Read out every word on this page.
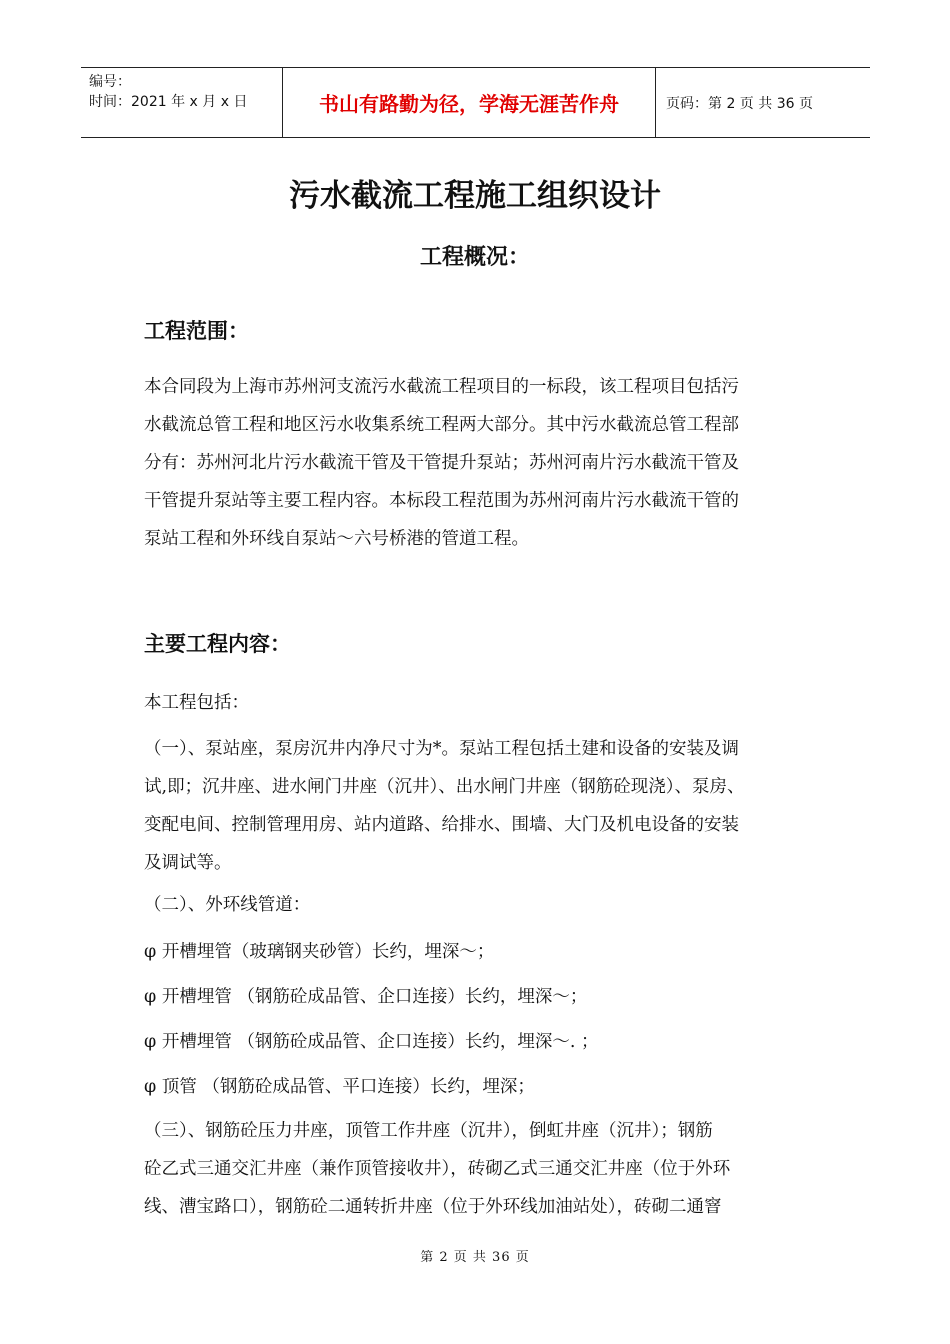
编号：
时间：2021 年 x 月 x 日	书山有路勤为径，学海无涯苦作舟	页码：第 2 页 共 36 页
污水截流工程施工组织设计
工程概况：
工程范围：
本合同段为上海市苏州河支流污水截流工程项目的一标段，该工程项目包括污
水截流总管工程和地区污水收集系统工程两大部分。其中污水截流总管工程部
分有：苏州河北片污水截流干管及干管提升泵站；苏州河南片污水截流干管及
干管提升泵站等主要工程内容。本标段工程范围为苏州河南片污水截流干管的
泵站工程和外环线自泵站～六号桥港的管道工程。
主要工程内容：
本工程包括：
（一）、泵站座，泵房沉井内净尺寸为*。泵站工程包括土建和设备的安装及调
试,即；沉井座、进水闸门井座（沉井）、出水闸门井座（钢筋砼现浇）、泵房、
变配电间、控制管理用房、站内道路、给排水、围墙、大门及机电设备的安装
及调试等。
（二）、外环线管道：
φ 开槽埋管（玻璃钢夹砂管）长约，埋深～；
φ 开槽埋管 （钢筋砼成品管、企口连接）长约，埋深～；
φ 开槽埋管 （钢筋砼成品管、企口连接）长约，埋深～. ；
φ 顶管 （钢筋砼成品管、平口连接）长约，埋深；
（三）、钢筋砼压力井座，顶管工作井座（沉井），倒虹井座（沉井）；钢筋
砼乙式三通交汇井座（兼作顶管接收井），砖砌乙式三通交汇井座（位于外环
线、漕宝路口），钢筋砼二通转折井座（位于外环线加油站处），砖砌二通窨
第 2 页 共 36 页
